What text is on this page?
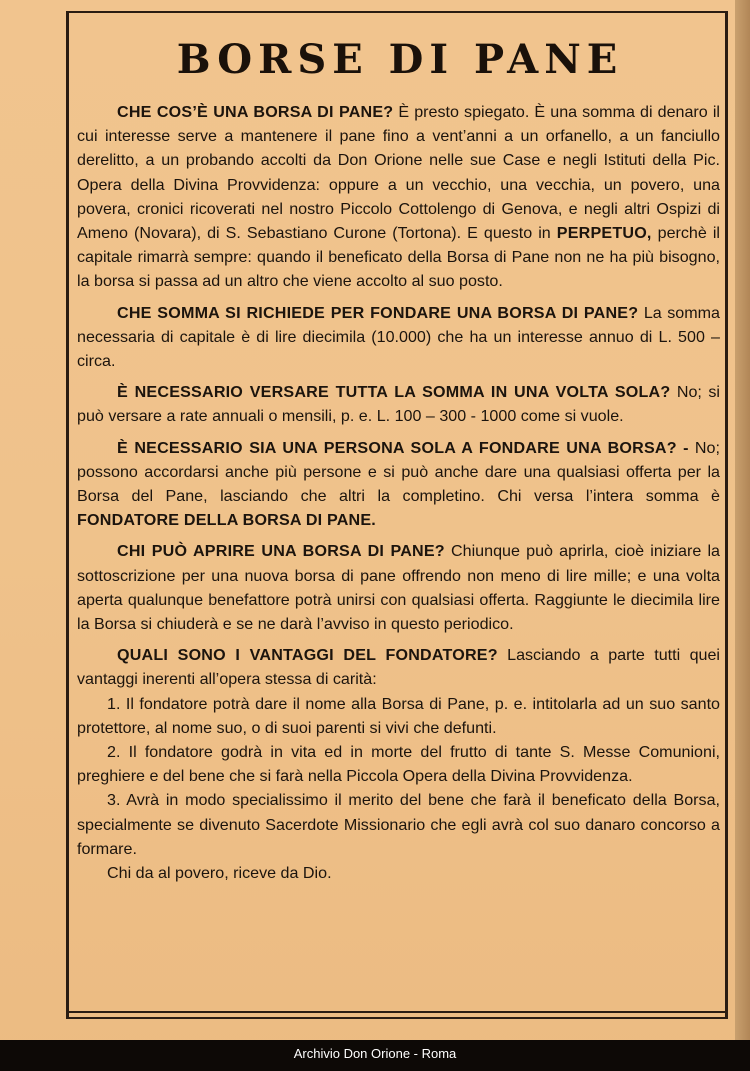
BORSE DI PANE

CHE COS’È UNA BORSA DI PANE? È presto spiegato. È una somma di denaro il cui interesse serve a mantenere il pane fino a vent’anni a un orfanello, a un fanciullo derelitto, a un probando accolti da Don Orione nelle sue Case e negli Istituti della Pic. Opera della Divina Provvidenza: oppure a un vecchio, una vecchia, un povero, una povera, cronici ricoverati nel nostro Piccolo Cottolengo di Genova, e negli altri Ospizi di Ameno (Novara), di S. Sebastiano Curone (Tortona). E questo in PERPETUO, perchè il capitale rimarrà sempre: quando il beneficato della Borsa di Pane non ne ha più bisogno, la borsa si passa ad un altro che viene accolto al suo posto.

CHE SOMMA SI RICHIEDE PER FONDARE UNA BORSA DI PANE? La somma necessaria di capitale è di lire diecimila (10.000) che ha un interesse annuo di L. 500 – circa.

È NECESSARIO VERSARE TUTTA LA SOMMA IN UNA VOLTA SOLA? No; si può versare a rate annuali o mensili, p. e. L. 100 – 300 - 1000 come si vuole.

È NECESSARIO SIA UNA PERSONA SOLA A FONDARE UNA BORSA? - No; possono accordarsi anche più persone e si può anche dare una qualsiasi offerta per la Borsa del Pane, lasciando che altri la completino. Chi versa l’intera somma è FONDATORE DELLA BORSA DI PANE.

CHI PUÒ APRIRE UNA BORSA DI PANE? Chiunque può aprirla, cioè iniziare la sottoscrizione per una nuova borsa di pane offrendo non meno di lire mille; e una volta aperta qualunque benefattore potrà unirsi con qualsiasi offerta. Raggiunte le diecimila lire la Borsa si chiuderà e se ne darà l’avviso in questo periodico.

QUALI SONO I VANTAGGI DEL FONDATORE? Lasciando a parte tutti quei vantaggi inerenti all’opera stessa di carità:

1. Il fondatore potrà dare il nome alla Borsa di Pane, p. e. intitolarla ad un suo santo protettore, al nome suo, o di suoi parenti si vivi che defunti.

2. Il fondatore godrà in vita ed in morte del frutto di tante S. Messe Comunioni, preghiere e del bene che si farà nella Piccola Opera della Divina Provvidenza.

3. Avrà in modo specialissimo il merito del bene che farà il beneficato della Borsa, specialmente se divenuto Sacerdote Missionario che egli avrà col suo danaro concorso a formare.

Chi da al povero, riceve da Dio.

Archivio Don Orione - Roma
